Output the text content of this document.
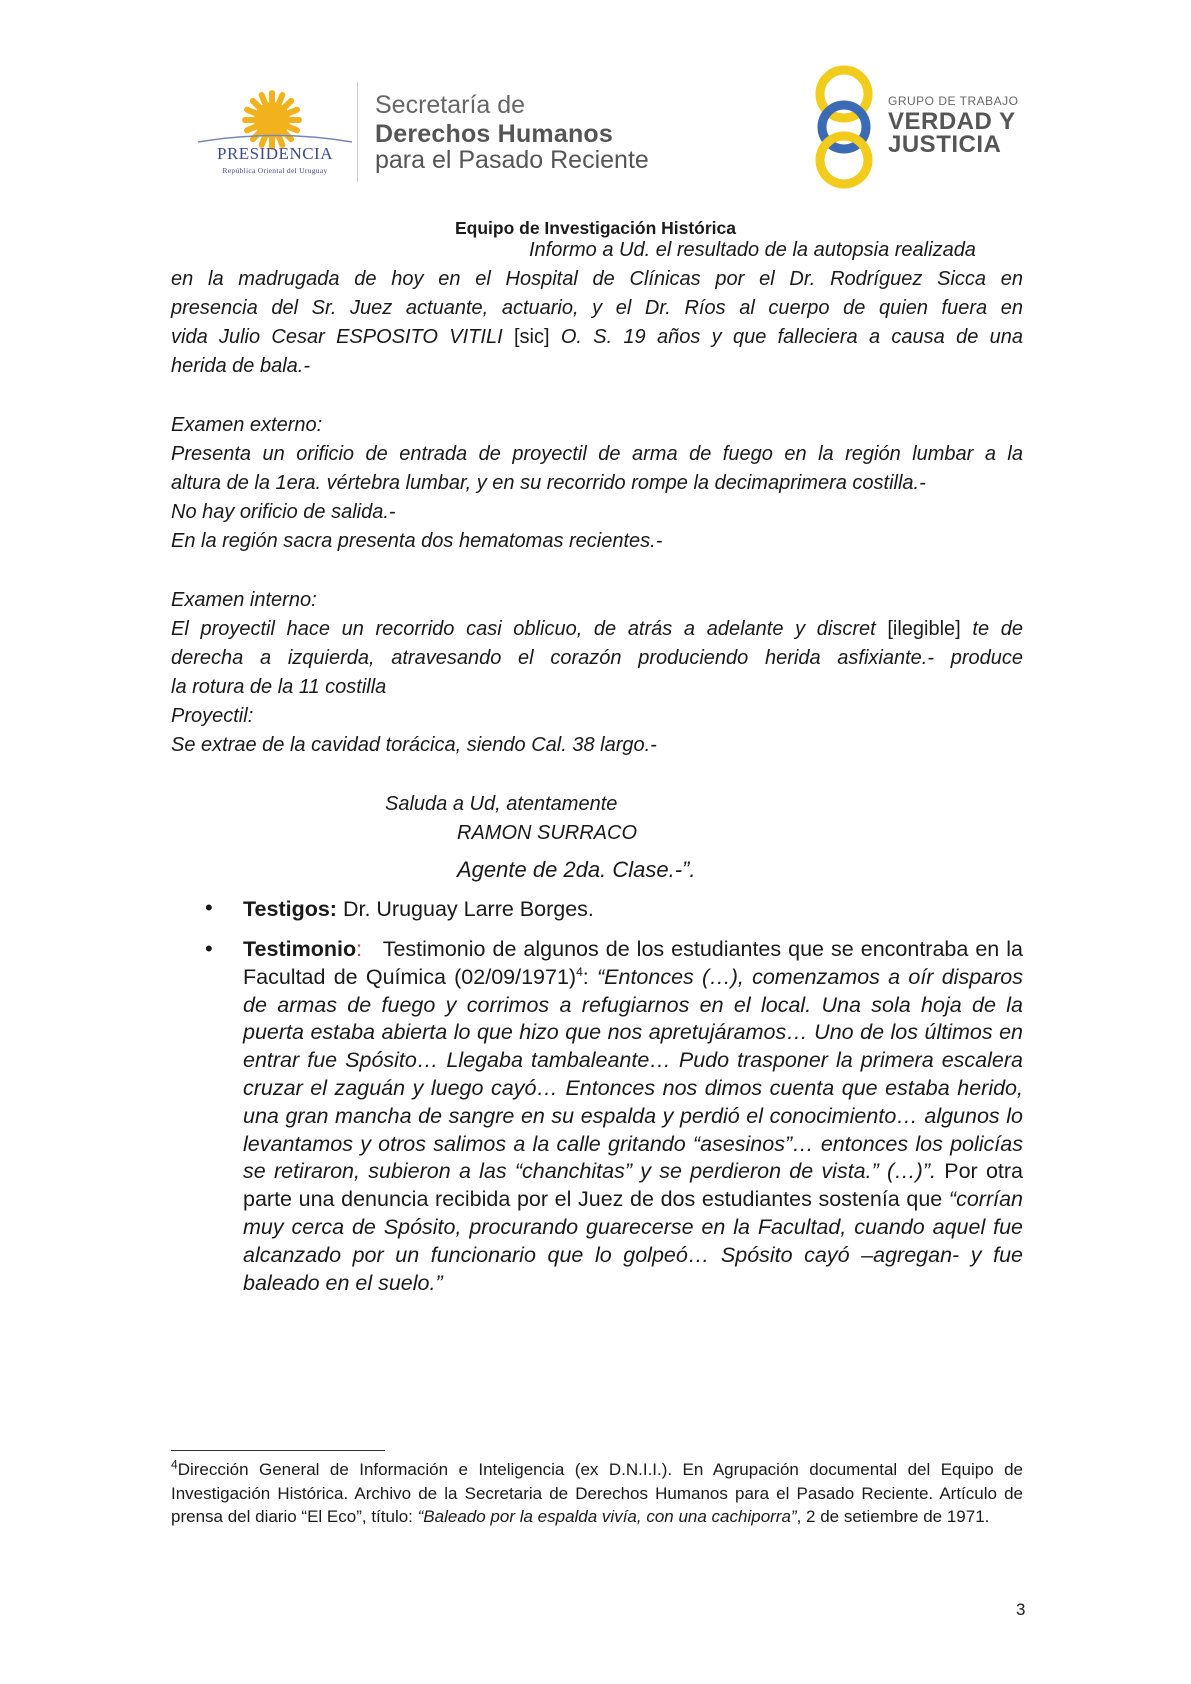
PRESIDENCIA
República Oriental del Uruguay
Secretaría de
Derechos Humanos
para el Pasado Reciente
GRUPO DE TRABAJO
VERDAD Y
JUSTICIA
Equipo de Investigación Histórica
Informo a Ud. el resultado de la autopsia realizada
en la madrugada de hoy en el Hospital de Clínicas por el Dr. Rodríguez Sicca en
presencia del Sr. Juez actuante, actuario, y el Dr. Ríos al cuerpo de quien fuera en
vida Julio Cesar ESPOSITO VITILI [sic] O. S. 19 años y que falleciera a causa de una
herida de bala.-
Examen externo:
Presenta un orificio de entrada de proyectil de arma de fuego en la región lumbar a la
altura de la 1era. vértebra lumbar, y en su recorrido rompe la decimaprimera costilla.-
No hay orificio de salida.-
En la región sacra presenta dos hematomas recientes.-
Examen interno:
El proyectil hace un recorrido casi oblicuo, de atrás a adelante y discret [ilegible] te de
derecha a izquierda, atravesando el corazón produciendo herida asfixiante.- produce
la rotura de la 11 costilla
Proyectil:
Se extrae de la cavidad torácica, siendo Cal. 38 largo.-
Saluda a Ud, atentamente
RAMON SURRACO
Agente de 2da. Clase.-”.
• Testigos: Dr. Uruguay Larre Borges.
• Testimonio: Testimonio de algunos de los estudiantes que se encontraba en la Facultad de Química $(02/09/1971)^4$: “Entonces (…), comenzamos a oír disparos de armas de fuego y corrimos a refugiarnos en el local. Una sola hoja de la puerta estaba abierta lo que hizo que nos apretujáramos… Uno de los últimos en entrar fue Spósito… Llegaba tambaleante… Pudo trasponer la primera escalera cruzar el zaguán y luego cayó… Entonces nos dimos cuenta que estaba herido, una gran mancha de sangre en su espalda y perdió el conocimiento… algunos lo levantamos y otros salimos a la calle gritando “asesinos”… entonces los policías se retiraron, subieron a las “chanchitas” y se perdieron de vista.” (…)”. Por otra parte una denuncia recibida por el Juez de dos estudiantes sostenía que “corrían muy cerca de Spósito, procurando guarecerse en la Facultad, cuando aquel fue alcanzado por un funcionario que lo golpeó… Spósito cayó –agregan- y fue baleado en el suelo.”
$^4$Dirección General de Información e Inteligencia (ex D.N.I.I.). En Agrupación documental del Equipo de Investigación Histórica. Archivo de la Secretaria de Derechos Humanos para el Pasado Reciente. Artículo de prensa del diario “El Eco”, título: “Baleado por la espalda vivía, con una cachiporra”, 2 de setiembre de 1971.
3
